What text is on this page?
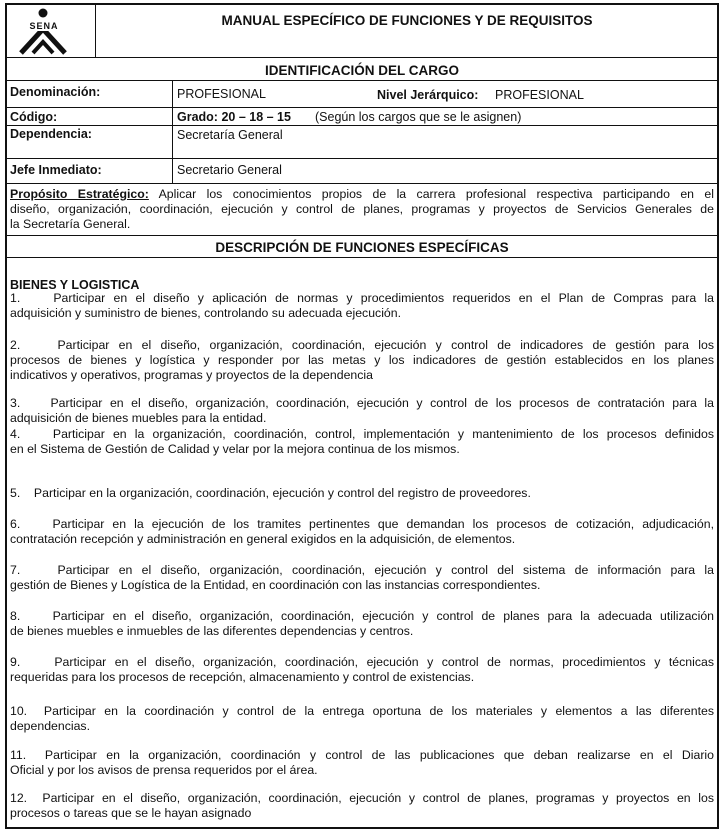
SENA	MANUAL ESPECÍFICO DE FUNCIONES Y DE REQUISITOS
IDENTIFICACIÓN DEL CARGO
Denominación:	PROFESIONAL	Nivel Jerárquico: PROFESIONAL
Código:	Grado: 20 – 18 – 15 (Según los cargos que se le asignen)
Dependencia:	Secretaría General
Jefe Inmediato:	Secretario General
Propósito Estratégico: Aplicar los conocimientos propios de la carrera profesional respectiva participando en el
diseño, organización, coordinación, ejecución y control de planes, programas y proyectos de Servicios Generales de
la Secretaría General.
DESCRIPCIÓN DE FUNCIONES ESPECÍFICAS
BIENES Y LOGISTICA
1.    Participar en el diseño y aplicación de normas y procedimientos requeridos en el Plan de Compras para la
adquisición y suministro de bienes, controlando su adecuada ejecución.
2.    Participar en el diseño, organización, coordinación, ejecución y control de indicadores de gestión para los
procesos de bienes y logística y responder por las metas y los indicadores de gestión establecidos en los planes
indicativos y operativos, programas y proyectos de la dependencia
3.    Participar en el diseño, organización, coordinación, ejecución y control de los procesos de contratación para la
adquisición de bienes muebles para la entidad.
4.    Participar en la organización, coordinación, control, implementación y mantenimiento de los procesos definidos
en el Sistema de Gestión de Calidad y velar por la mejora continua de los mismos.
5.    Participar en la organización, coordinación, ejecución y control del registro de proveedores.
6.    Participar en la ejecución de los tramites pertinentes que demandan los procesos de cotización, adjudicación,
contratación recepción y administración en general exigidos en la adquisición, de elementos.
7.    Participar en el diseño, organización, coordinación, ejecución y control del sistema de información para la
gestión de Bienes y Logística de la Entidad, en coordinación con las instancias correspondientes.
8.    Participar en el diseño, organización, coordinación, ejecución y control de planes para la adecuada utilización
de bienes muebles e inmuebles de las diferentes dependencias y centros.
9.    Participar en el diseño, organización, coordinación, ejecución y control de normas, procedimientos y técnicas
requeridas para los procesos de recepción, almacenamiento y control de existencias.
10.  Participar en la coordinación y control de la entrega oportuna de los materiales y elementos a las diferentes
dependencias.
11.  Participar en la organización, coordinación y control de las publicaciones que deban realizarse en el Diario
Oficial y por los avisos de prensa requeridos por el área.
12.  Participar en el diseño, organización, coordinación, ejecución y control de planes, programas y proyectos en los
procesos o tareas que se le hayan asignado
